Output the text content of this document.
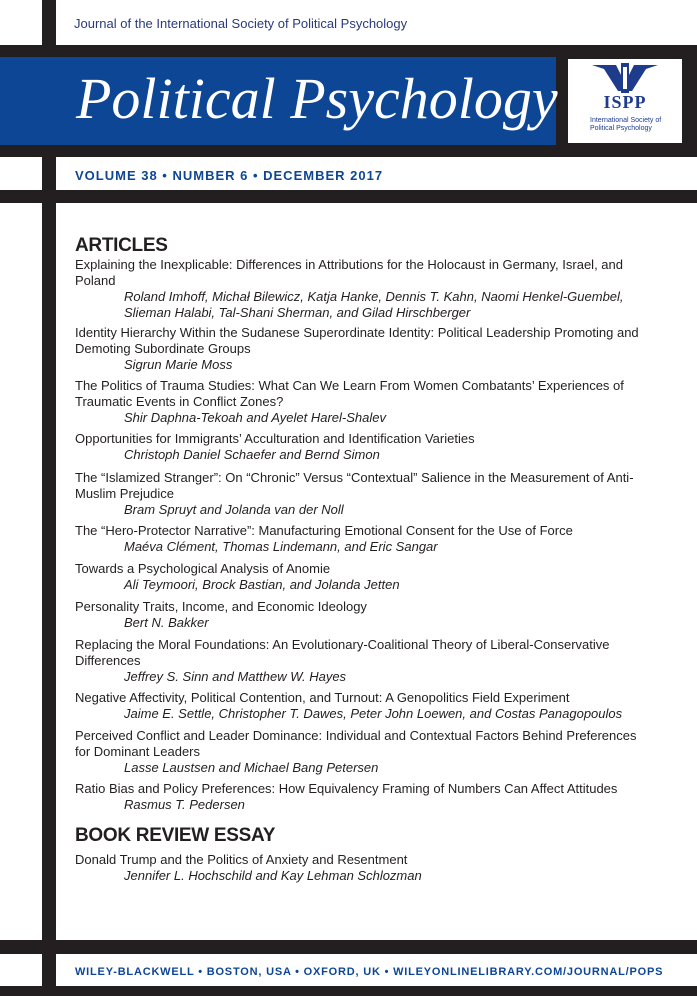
Journal of the International Society of Political Psychology
Political Psychology	ISPP
International Society of Political Psychology
VOLUME 38 • NUMBER 6 • DECEMBER 2017
ARTICLES
Explaining the Inexplicable: Differences in Attributions for the Holocaust in Germany, Israel, and Poland
Roland Imhoff, Michał Bilewicz, Katja Hanke, Dennis T. Kahn, Naomi Henkel-Guembel, Slieman Halabi, Tal-Shani Sherman, and Gilad Hirschberger
Identity Hierarchy Within the Sudanese Superordinate Identity: Political Leadership Promoting and Demoting Subordinate Groups
Sigrun Marie Moss
The Politics of Trauma Studies: What Can We Learn From Women Combatants’ Experiences of Traumatic Events in Conflict Zones?
Shir Daphna-Tekoah and Ayelet Harel-Shalev
Opportunities for Immigrants’ Acculturation and Identification Varieties
Christoph Daniel Schaefer and Bernd Simon
The “Islamized Stranger”: On “Chronic” Versus “Contextual” Salience in the Measurement of Anti-Muslim Prejudice
Bram Spruyt and Jolanda van der Noll
The “Hero-Protector Narrative”: Manufacturing Emotional Consent for the Use of Force
Maéva Clément, Thomas Lindemann, and Eric Sangar
Towards a Psychological Analysis of Anomie
Ali Teymoori, Brock Bastian, and Jolanda Jetten
Personality Traits, Income, and Economic Ideology
Bert N. Bakker
Replacing the Moral Foundations: An Evolutionary-Coalitional Theory of Liberal-Conservative Differences
Jeffrey S. Sinn and Matthew W. Hayes
Negative Affectivity, Political Contention, and Turnout: A Genopolitics Field Experiment
Jaime E. Settle, Christopher T. Dawes, Peter John Loewen, and Costas Panagopoulos
Perceived Conflict and Leader Dominance: Individual and Contextual Factors Behind Preferences for Dominant Leaders
Lasse Laustsen and Michael Bang Petersen
Ratio Bias and Policy Preferences: How Equivalency Framing of Numbers Can Affect Attitudes
Rasmus T. Pedersen
BOOK REVIEW ESSAY
Donald Trump and the Politics of Anxiety and Resentment
Jennifer L. Hochschild and Kay Lehman Schlozman
WILEY-BLACKWELL • BOSTON, USA • OXFORD, UK • WILEYONLINELIBRARY.COM/JOURNAL/POPS
